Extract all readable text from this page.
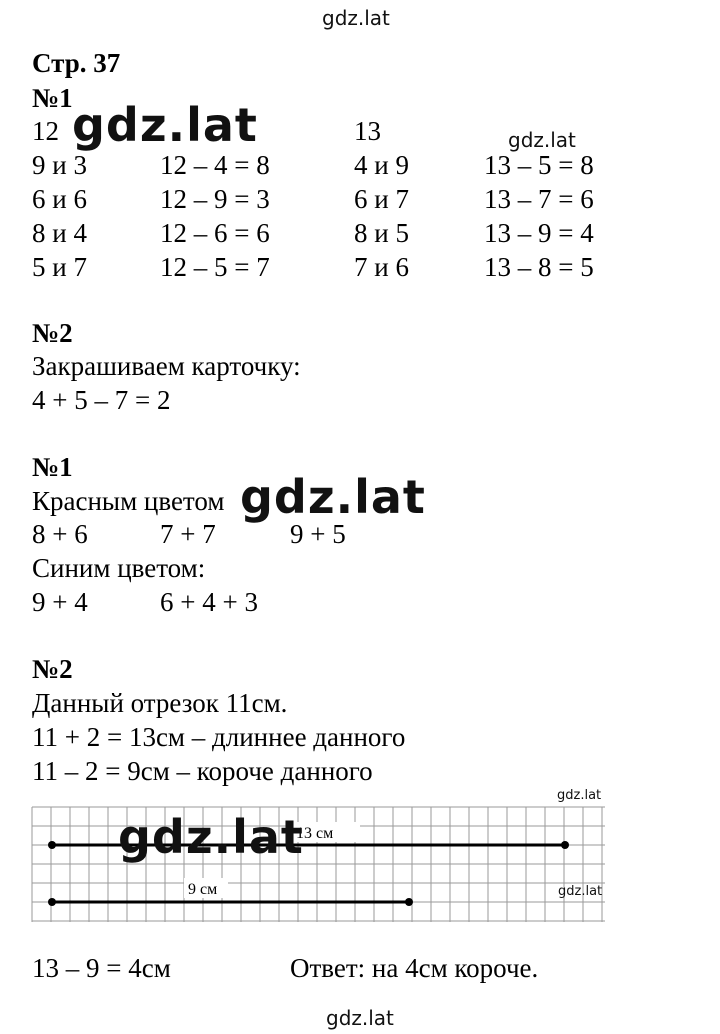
gdz.lat
Стр. 37
№1
12	13
gdz.lat	gdz.lat
9 и 3	12 – 4 = 8	4 и 9	13 – 5 = 8
6 и 6	12 – 9 = 3	6 и 7	13 – 7 = 6
8 и 4	12 – 6 = 6	8 и 5	13 – 9 = 4
5 и 7	12 – 5 = 7	7 и 6	13 – 8 = 5
№2
Закрашиваем карточку:
4 + 5 – 7 = 2
№1
Красным цветом gdz.lat
8 + 6	7 + 7	9 + 5
Синим цветом:
9 + 4	6 + 4 + 3
№2
Данный отрезок 11см.
11 + 2 = 13см – длиннее данного
11 – 2 = 9см – короче данного
13 см
9 см
gdz.lat
gdz.lat
gdz.lat
13 – 9 = 4см	Ответ: на 4см короче.
gdz.lat
